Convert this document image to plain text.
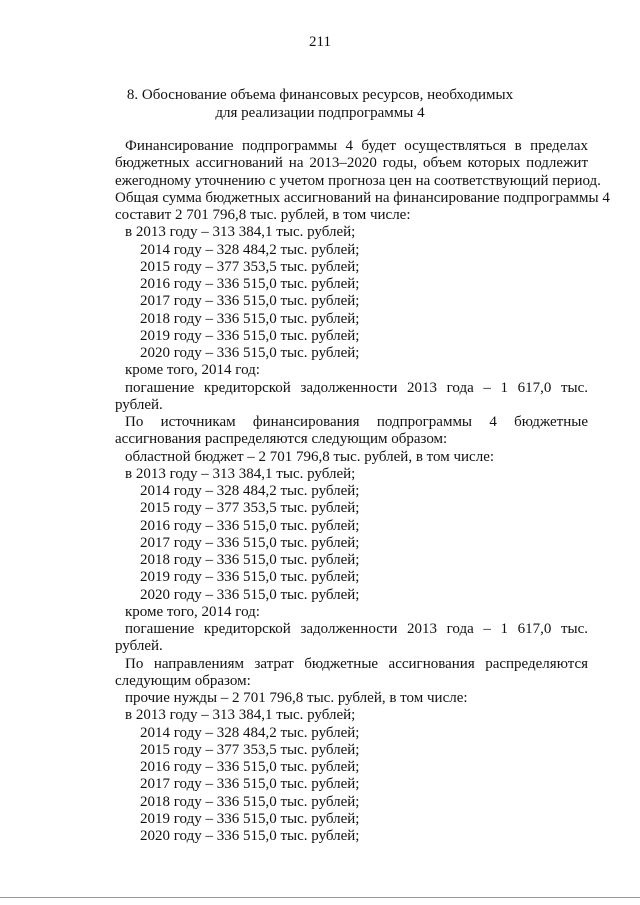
211
8. Обоснование объема финансовых ресурсов, необходимых
для реализации подпрограммы 4
Финансирование подпрограммы 4 будет осуществляться в пределах
бюджетных ассигнований на 2013–2020 годы, объем которых подлежит
ежегодному уточнению с учетом прогноза цен на соответствующий период.
Общая сумма бюджетных ассигнований на финансирование подпрограммы 4
составит 2 701 796,8 тыс. рублей, в том числе:
в 2013 году – 313 384,1 тыс. рублей;
2014 году – 328 484,2 тыс. рублей;
2015 году – 377 353,5 тыс. рублей;
2016 году – 336 515,0 тыс. рублей;
2017 году – 336 515,0 тыс. рублей;
2018 году – 336 515,0 тыс. рублей;
2019 году – 336 515,0 тыс. рублей;
2020 году – 336 515,0 тыс. рублей;
кроме того, 2014 год:
погашение кредиторской задолженности 2013 года – 1 617,0 тыс.
рублей.
По источникам финансирования подпрограммы 4 бюджетные
ассигнования распределяются следующим образом:
областной бюджет – 2 701 796,8 тыс. рублей, в том числе:
в 2013 году – 313 384,1 тыс. рублей;
2014 году – 328 484,2 тыс. рублей;
2015 году – 377 353,5 тыс. рублей;
2016 году – 336 515,0 тыс. рублей;
2017 году – 336 515,0 тыс. рублей;
2018 году – 336 515,0 тыс. рублей;
2019 году – 336 515,0 тыс. рублей;
2020 году – 336 515,0 тыс. рублей;
кроме того, 2014 год:
погашение кредиторской задолженности 2013 года – 1 617,0 тыс.
рублей.
По направлениям затрат бюджетные ассигнования распределяются
следующим образом:
прочие нужды – 2 701 796,8 тыс. рублей, в том числе:
в 2013 году – 313 384,1 тыс. рублей;
2014 году – 328 484,2 тыс. рублей;
2015 году – 377 353,5 тыс. рублей;
2016 году – 336 515,0 тыс. рублей;
2017 году – 336 515,0 тыс. рублей;
2018 году – 336 515,0 тыс. рублей;
2019 году – 336 515,0 тыс. рублей;
2020 году – 336 515,0 тыс. рублей;
